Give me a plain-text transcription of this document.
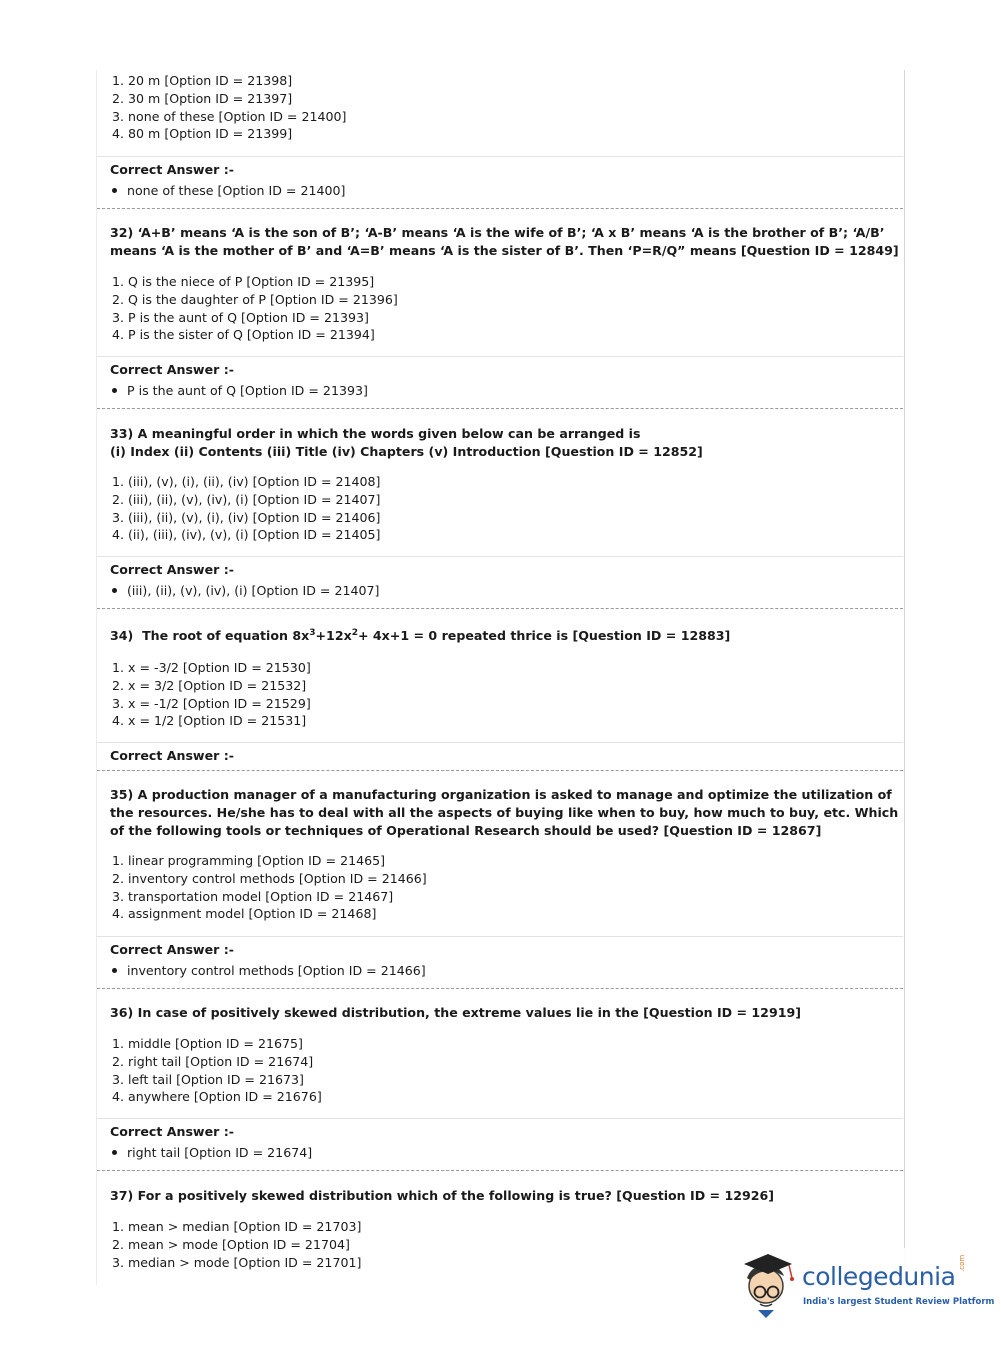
1. 20 m [Option ID = 21398]
2. 30 m [Option ID = 21397]
3. none of these [Option ID = 21400]
4. 80 m [Option ID = 21399]
Correct Answer :-
none of these [Option ID = 21400]
32) ‘A+B’ means ‘A is the son of B’; ‘A-B’ means ‘A is the wife of B’; ‘A x B’ means ‘A is the brother of B’; ‘A/B’ means ‘A is the mother of B’ and ‘A=B’ means ‘A is the sister of B’. Then ‘P=R/Q” means [Question ID = 12849]
1. Q is the niece of P [Option ID = 21395]
2. Q is the daughter of P [Option ID = 21396]
3. P is the aunt of Q [Option ID = 21393]
4. P is the sister of Q [Option ID = 21394]
Correct Answer :-
P is the aunt of Q [Option ID = 21393]
33) A meaningful order in which the words given below can be arranged is
(i) Index (ii) Contents (iii) Title (iv) Chapters (v) Introduction [Question ID = 12852]
1. (iii), (v), (i), (ii), (iv) [Option ID = 21408]
2. (iii), (ii), (v), (iv), (i) [Option ID = 21407]
3. (iii), (ii), (v), (i), (iv) [Option ID = 21406]
4. (ii), (iii), (iv), (v), (i) [Option ID = 21405]
Correct Answer :-
(iii), (ii), (v), (iv), (i) [Option ID = 21407]
34) The root of equation $8x^3+12x^2+ 4x+1 = 0$ repeated thrice is [Question ID = 12883]
1. x = -3/2 [Option ID = 21530]
2. x = 3/2 [Option ID = 21532]
3. x = -1/2 [Option ID = 21529]
4. x = 1/2 [Option ID = 21531]
Correct Answer :-
35) A production manager of a manufacturing organization is asked to manage and optimize the utilization of the resources. He/she has to deal with all the aspects of buying like when to buy, how much to buy, etc. Which of the following tools or techniques of Operational Research should be used? [Question ID = 12867]
1. linear programming [Option ID = 21465]
2. inventory control methods [Option ID = 21466]
3. transportation model [Option ID = 21467]
4. assignment model [Option ID = 21468]
Correct Answer :-
inventory control methods [Option ID = 21466]
36) In case of positively skewed distribution, the extreme values lie in the [Question ID = 12919]
1. middle [Option ID = 21675]
2. right tail [Option ID = 21674]
3. left tail [Option ID = 21673]
4. anywhere [Option ID = 21676]
Correct Answer :-
right tail [Option ID = 21674]
37) For a positively skewed distribution which of the following is true? [Question ID = 12926]
1. mean > median [Option ID = 21703]
2. mean > mode [Option ID = 21704]
3. median > mode [Option ID = 21701]	collegedunia
India's largest Student Review Platform
.com
